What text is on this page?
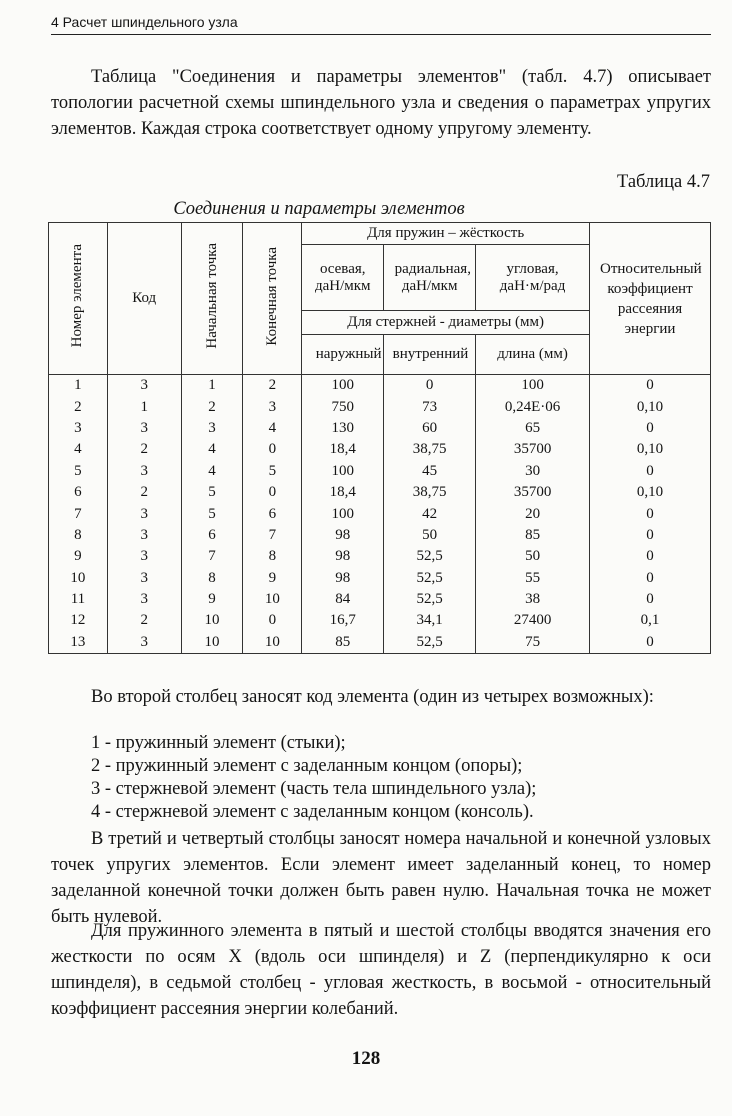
4 Расчет шпиндельного узла

Таблица "Соединения и параметры элементов" (табл. 4.7) описывает топологии расчетной схемы шпиндельного узла и сведения о параметрах упругих элементов. Каждая строка соответствует одному упругому элементу.

Таблица 4.7
Соединения и параметры элементов
Номер элемента	Код	Начальная точка	Конечная точка	Для пружин – жёсткость			Относительный коэффициент рассеяния энергии

				осевая, даН/мкм	радиальная, даН/мкм	угловая, даН·м/рад	

				Для стержней - диаметры (мм)			

				наружный	внутренний	длина (мм)	
1	3	1	2	100	0	100	0
2	1	2	3	750	73	0,24E·06	0,10
3	3	3	4	130	60	65	0
4	2	4	0	18,4	38,75	35700	0,10
5	3	4	5	100	45	30	0
6	2	5	0	18,4	38,75	35700	0,10
7	3	5	6	100	42	20	0
8	3	6	7	98	50	85	0
9	3	7	8	98	52,5	50	0
10	3	8	9	98	52,5	55	0
11	3	9	10	84	52,5	38	0
12	2	10	0	16,7	34,1	27400	0,1
13	3	10	10	85	52,5	75	0

Во второй столбец заносят код элемента (один из четырех возможных):

1 - пружинный элемент (стыки);
2 - пружинный элемент с заделанным концом (опоры);
3 - стержневой элемент (часть тела шпиндельного узла);
4 - стержневой элемент с заделанным концом (консоль).

В третий и четвертый столбцы заносят номера начальной и конечной узловых точек упругих элементов. Если элемент имеет заделанный конец, то номер заделанной конечной точки должен быть равен нулю. Начальная точка не может быть нулевой.

Для пружинного элемента в пятый и шестой столбцы вводятся значения его жесткости по осям X (вдоль оси шпинделя) и Z (перпендикулярно к оси шпинделя), в седьмой столбец - угловая жесткость, в восьмой - относительный коэффициент рассеяния энергии колебаний.

128
